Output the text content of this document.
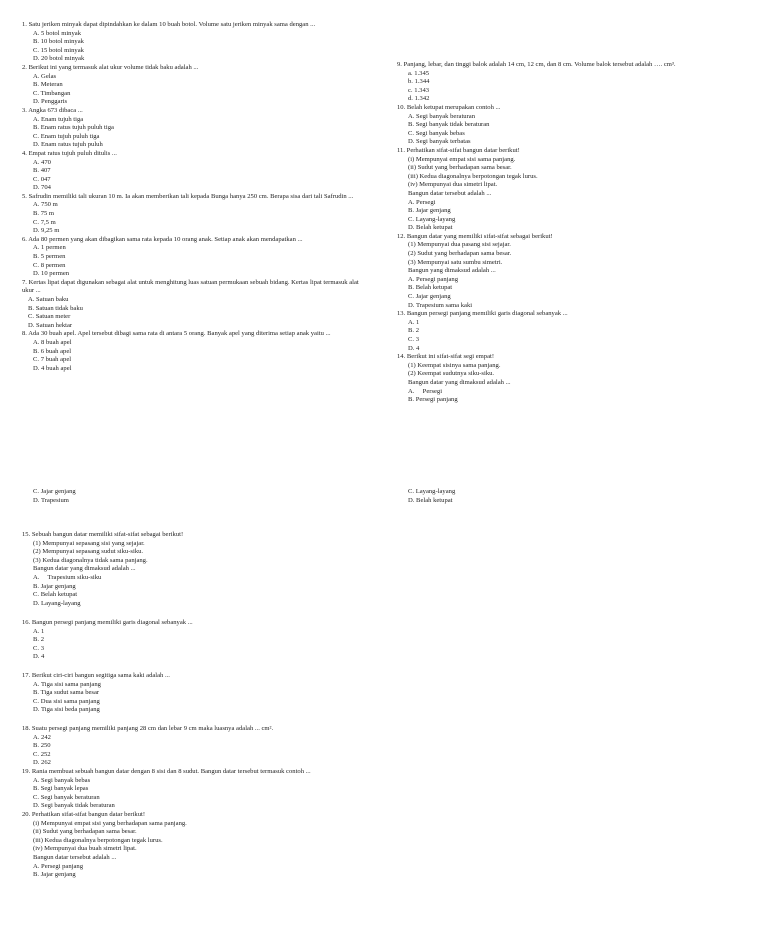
1. Satu jeriken minyak dapat dipindahkan ke dalam 10 buah botol. Volume satu jeriken minyak sama dengan ...
A. 5 botol minyak
B. 10 botol minyak
C. 15 botol minyak
D. 20 botol minyak
2. Berikut ini yang termasuk alat ukur volume tidak baku adalah ...
A. Gelas
B. Meteran
C. Timbangan
D. Penggaris
3. Angka 673 dibaca ...
A. Enam tujuh tiga
B. Enam ratus tujuh puluh tiga
C. Enam tujuh puluh tiga
D. Enam ratus tujuh puluh
4. Empat ratus tujuh puluh ditulis ...
A. 470
B. 407
C. 047
D. 704
5. Safrudin memiliki tali ukuran 10 m. Ia akan memberikan tali kepada Bunga hanya 250 cm. Berapa sisa dari tali Safrudin ...
A. 750 m
B. 75 m
C. 7,5 m
D. 9,25 m
6. Ada 80 permen yang akan dibagikan sama rata kepada 10 orang anak. Setiap anak akan mendapatkan ...
A. 1 permen
B. 5 permen
C. 8 permen
D. 10 permen
7. Kertas lipat dapat digunakan sebagai alat untuk menghitung luas satuan permukaan sebuah bidang. Kertas lipat termasuk alat ukur ...
A. Satuan baku
B. Satuan tidak baku
C. Satuan meter
D. Satuan hektar
8. Ada 30 buah apel. Apel tersebut dibagi sama rata di antara 5 orang. Banyak apel yang diterima setiap anak yaitu ...
A. 8 buah apel
B. 6 buah apel
C. 7 buah apel
D. 4 buah apel
9. Panjang, lebar, dan tinggi balok adalah 14 cm, 12 cm, dan 8 cm. Volume balok tersebut adalah …. cm³.
a. 1.345
b. 1.344
c. 1.343
d. 1.342
10. Belah ketupat merupakan contoh ...
A. Segi banyak beraturan
B. Segi banyak tidak beraturan
C. Segi banyak bebas
D. Segi banyak terbatas
11. Perhatikan sifat-sifat bangun datar berikut!
(i) Mempunyai empat sisi sama panjang.
(ii) Sudut yang berhadapan sama besar.
(iii) Kedua diagonalnya berpotongan tegak lurus.
(iv) Mempunyai dua simetri lipat.
Bangun datar tersebut adalah ...
A. Persegi
B. Jajar genjang
C. Layang-layang
D. Belah ketupat
12. Bangun datar yang memiliki sifat-sifat sebagai berikut!
(1) Mempunyai dua pasang sisi sejajar.
(2) Sudut yang berhadapan sama besar.
(3) Mempunyai satu sumbu simetri.
Bangun yang dimaksud adalah ...
A. Persegi panjang
B. Belah ketupat
C. Jajar genjang
D. Trapesium sama kaki
13. Bangun persegi panjang memiliki garis diagonal sebanyak ...
A. 1
B. 2
C. 3
D. 4
14. Berikut ini sifat-sifat segi empat!
(1) Keempat sisinya sama panjang.
(2) Keempat sudutnya siku-siku.
Bangun datar yang dimaksud adalah ...
A.     Persegi
B. Persegi panjang
C. Jajar genjang
D. Trapesium
C. Layang-layang
D. Belah ketupat
15. Sebuah bangun datar memiliki sifat-sifat sebagai berikut!
(1) Mempunyai sepasang sisi yang sejajar.
(2) Mempunyai sepasang sudut siku-siku.
(3) Kedua diagonalnya tidak sama panjang.
Bangun datar yang dimaksud adalah ...
A.     Trapesium siku-siku
B. Jajar genjang
C. Belah ketupat
D. Layang-layang
16. Bangun persegi panjang memiliki garis diagonal sebanyak ...
A. 1
B. 2
C. 3
D. 4
17. Berikut ciri-ciri bangun segitiga sama kaki adalah ...
A. Tiga sisi sama panjang
B. Tiga sudut sama besar
C. Dua sisi sama panjang
D. Tiga sisi beda panjang
18. Suatu persegi panjang memiliki panjang 28 cm dan lebar 9 cm maka luasnya adalah ... cm².
A. 242
B. 250
C. 252
D. 262
19. Rania membuat sebuah bangun datar dengan 8 sisi dan 8 sudut. Bangun datar tersebut termasuk contoh ...
A. Segi banyak bebas
B. Segi banyak lepas
C. Segi banyak beraturan
D. Segi banyak tidak beraturan
20. Perhatikan sifat-sifat bangun datar berikut!
(i) Mempunyai empat sisi yang berhadapan sama panjang.
(ii) Sudut yang berhadapan sama besar.
(iii) Kedua diagonalnya berpotongan tegak lurus.
(iv) Mempunyai dua buah simetri lipat.
Bangun datar tersebut adalah ...
A. Persegi panjang
B. Jajar genjang
